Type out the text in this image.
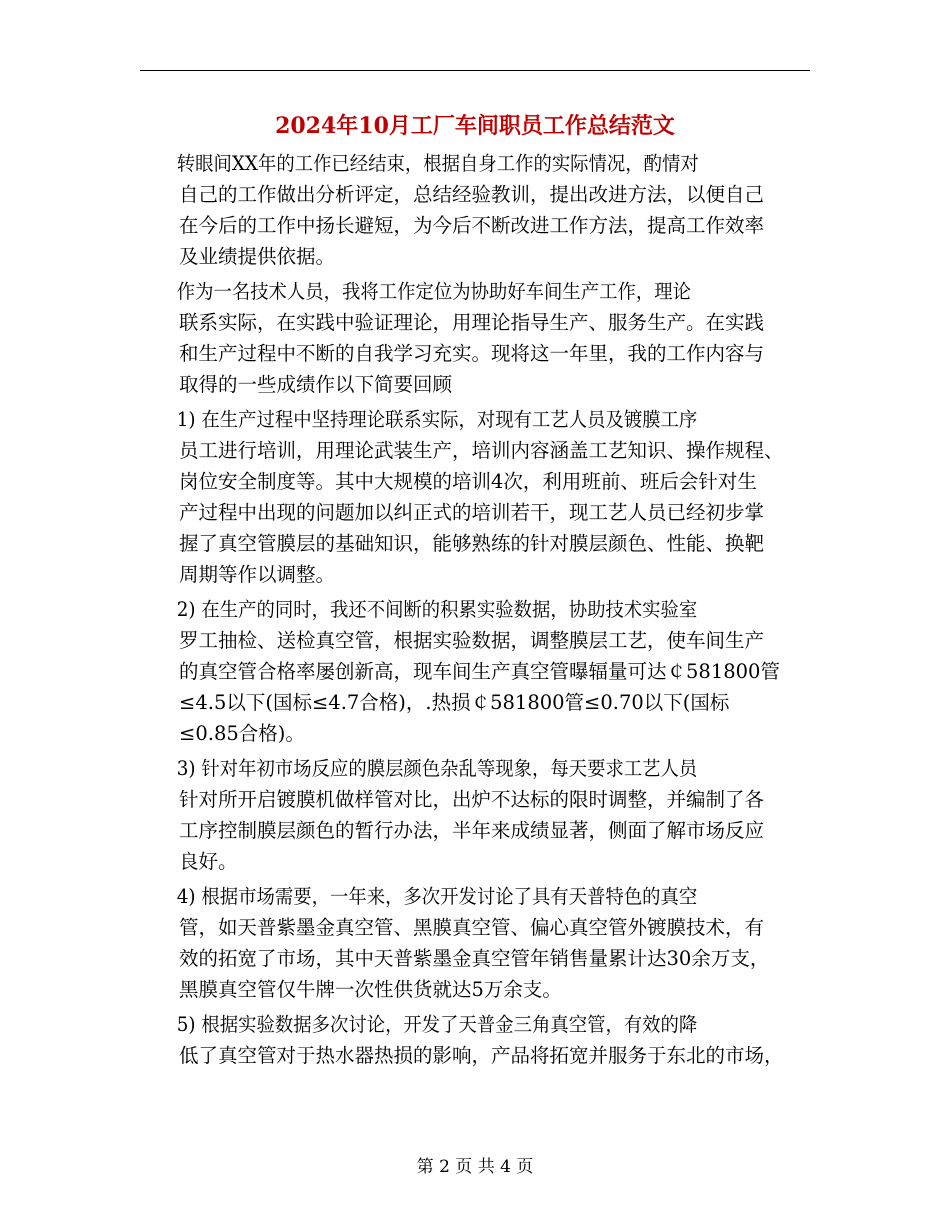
2024年10月工厂车间职员工作总结范文

转眼间XX年的工作已经结束，根据自身工作的实际情况，酌情对
自己的工作做出分析评定，总结经验教训，提出改进方法，以便自己
在今后的工作中扬长避短，为今后不断改进工作方法，提高工作效率
及业绩提供依据。

作为一名技术人员，我将工作定位为协助好车间生产工作，理论
联系实际，在实践中验证理论，用理论指导生产、服务生产。在实践
和生产过程中不断的自我学习充实。现将这一年里，我的工作内容与
取得的一些成绩作以下简要回顾

1) 在生产过程中坚持理论联系实际，对现有工艺人员及镀膜工序
员工进行培训，用理论武装生产，培训内容涵盖工艺知识、操作规程、
岗位安全制度等。其中大规模的培训4次，利用班前、班后会针对生
产过程中出现的问题加以纠正式的培训若干，现工艺人员已经初步掌
握了真空管膜层的基础知识，能够熟练的针对膜层颜色、性能、换靶
周期等作以调整。

2) 在生产的同时，我还不间断的积累实验数据，协助技术实验室
罗工抽检、送检真空管，根据实验数据，调整膜层工艺，使车间生产
的真空管合格率屡创新高，现车间生产真空管曝辐量可达￠581800管
≤4.5以下(国标≤4.7合格)，.热损￠581800管≤0.70以下(国标
≤0.85合格)。

3) 针对年初市场反应的膜层颜色杂乱等现象，每天要求工艺人员
针对所开启镀膜机做样管对比，出炉不达标的限时调整，并编制了各
工序控制膜层颜色的暂行办法，半年来成绩显著，侧面了解市场反应
良好。

4) 根据市场需要，一年来，多次开发讨论了具有天普特色的真空
管，如天普紫墨金真空管、黑膜真空管、偏心真空管外镀膜技术，有
效的拓宽了市场，其中天普紫墨金真空管年销售量累计达30余万支，
黑膜真空管仅牛牌一次性供货就达5万余支。

5) 根据实验数据多次讨论，开发了天普金三角真空管，有效的降
低了真空管对于热水器热损的影响，产品将拓宽并服务于东北的市场，

第 2 页 共 4 页
